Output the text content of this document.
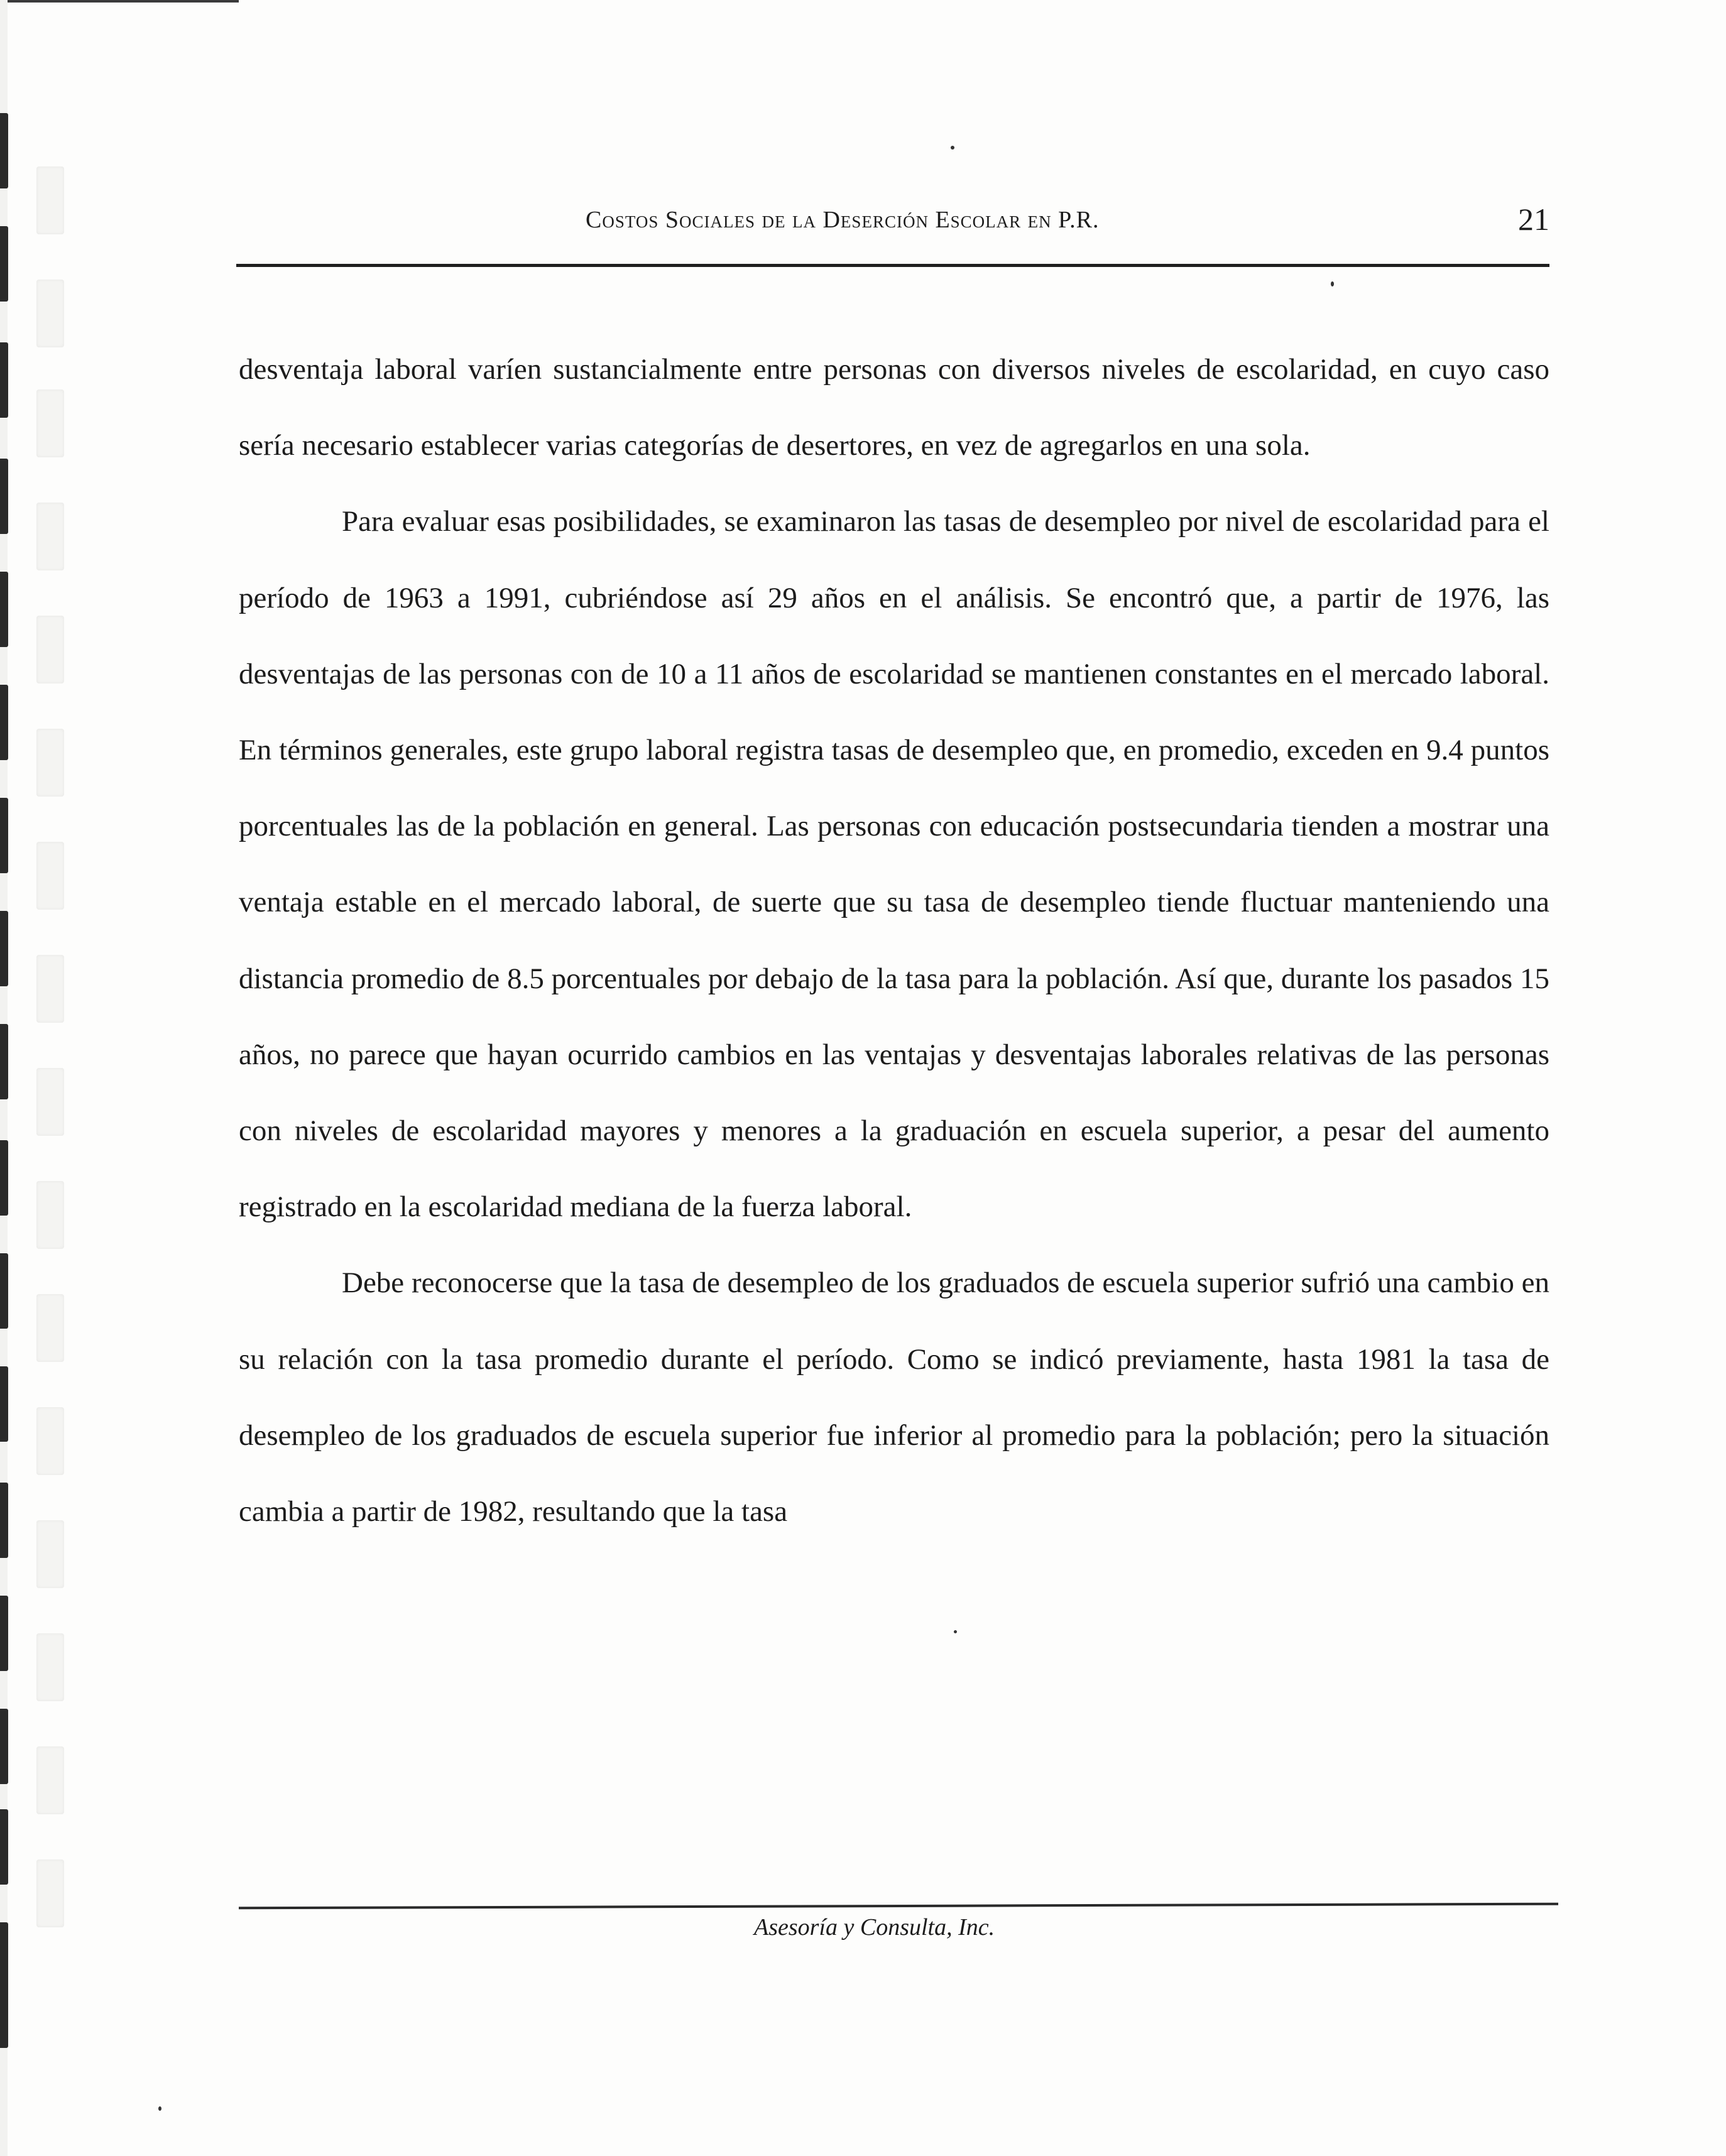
Costos Sociales de la Deserción Escolar en P.R.	21

desventaja laboral varíen sustancialmente entre personas con diversos niveles de escolaridad, en cuyo caso sería necesario establecer varias categorías de desertores, en vez de agregarlos en una sola.

Para evaluar esas posibilidades, se examinaron las tasas de desempleo por nivel de escolaridad para el período de 1963 a 1991, cubriéndose así 29 años en el análisis. Se encontró que, a partir de 1976, las desventajas de las personas con de 10 a 11 años de escolaridad se mantienen constantes en el mercado laboral. En términos generales, este grupo laboral registra tasas de desempleo que, en promedio, exceden en 9.4 puntos porcentuales las de la población en general. Las personas con educación postsecundaria tienden a mostrar una ventaja estable en el mercado laboral, de suerte que su tasa de desempleo tiende fluctuar manteniendo una distancia promedio de 8.5 porcentuales por debajo de la tasa para la población. Así que, durante los pasados 15 años, no parece que hayan ocurrido cambios en las ventajas y desventajas laborales relativas de las personas con niveles de escolaridad mayores y menores a la graduación en escuela superior, a pesar del aumento registrado en la escolaridad mediana de la fuerza laboral.

Debe reconocerse que la tasa de desempleo de los graduados de escuela superior sufrió una cambio en su relación con la tasa promedio durante el período. Como se indicó previamente, hasta 1981 la tasa de desempleo de los graduados de escuela superior fue inferior al promedio para la población; pero la situación cambia a partir de 1982, resultando que la tasa

Asesoría y Consulta, Inc.
